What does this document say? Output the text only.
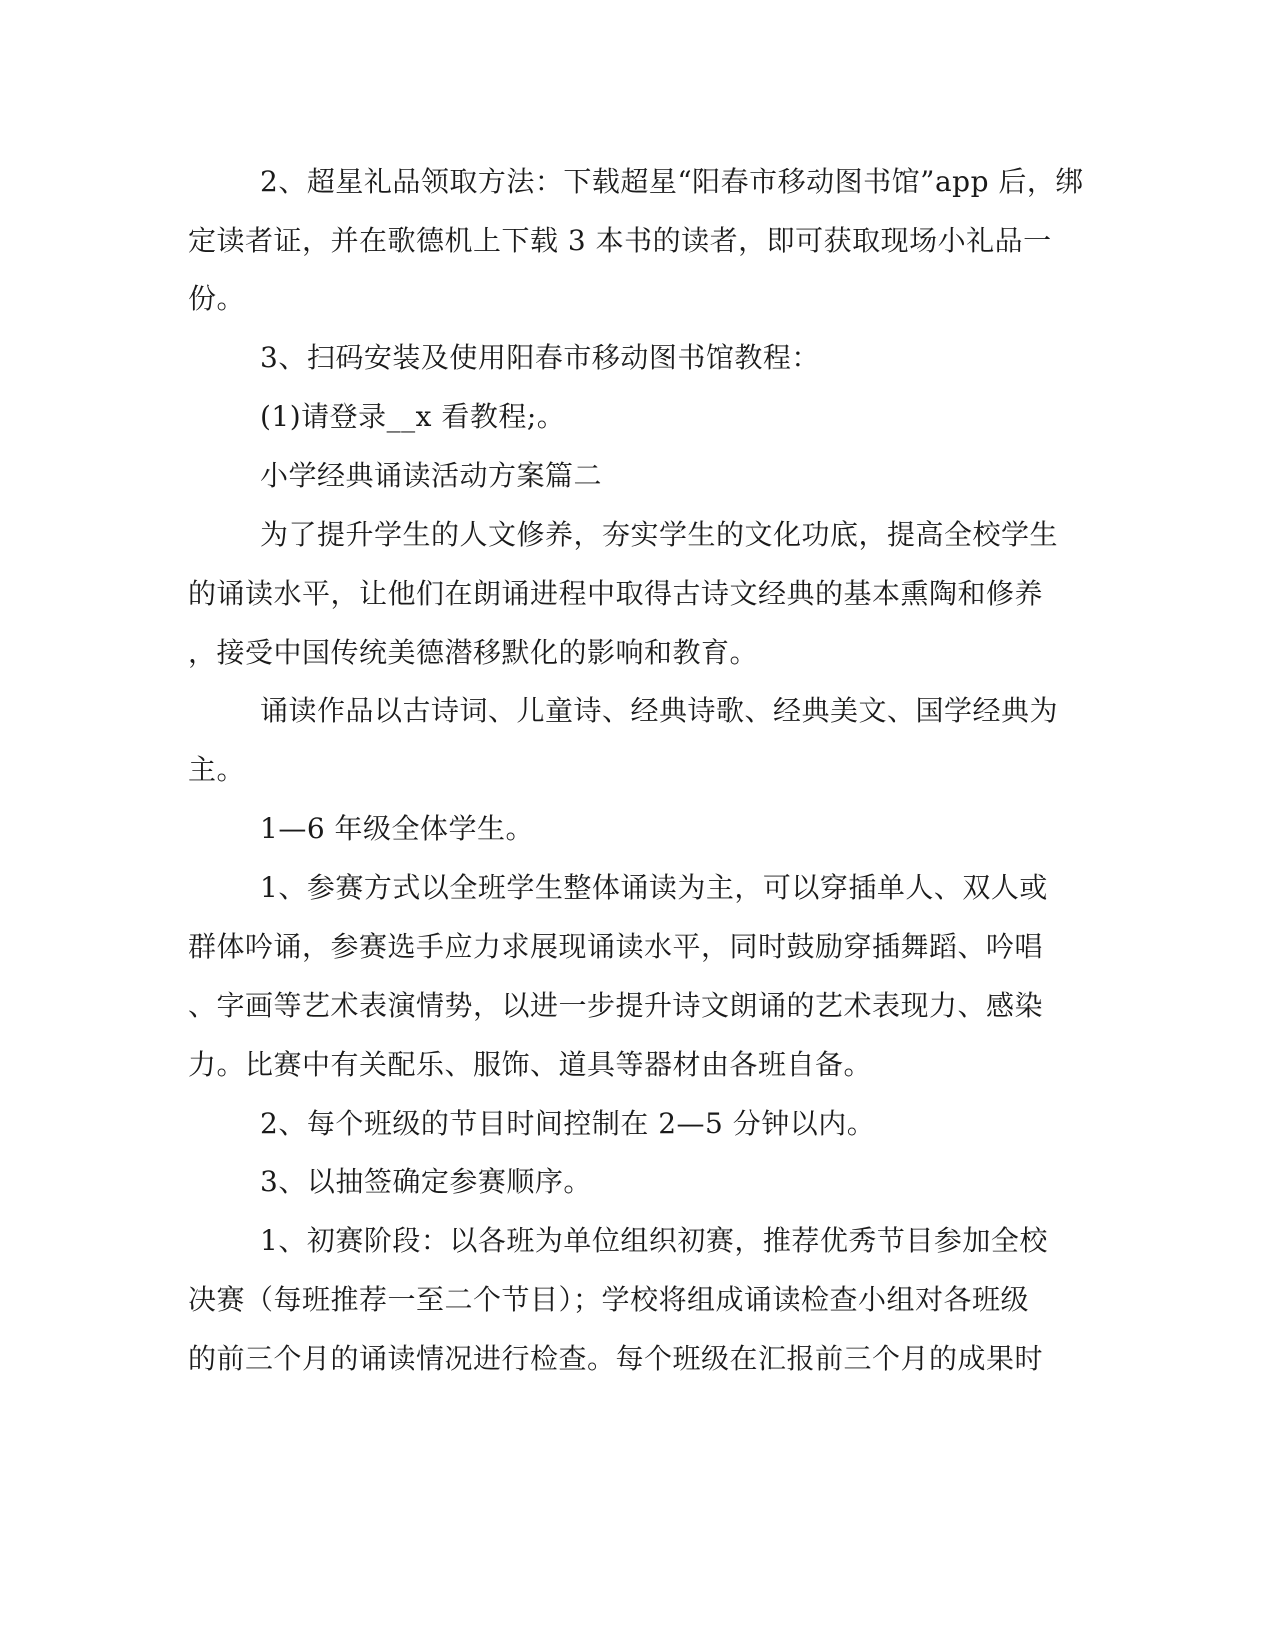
2、超星礼品领取方法：下载超星“阳春市移动图书馆”app 后，绑
定读者证，并在歌德机上下载 3 本书的读者，即可获取现场小礼品一
份。
3、扫码安装及使用阳春市移动图书馆教程：
(1)请登录__x 看教程;。
小学经典诵读活动方案篇二
为了提升学生的人文修养，夯实学生的文化功底，提高全校学生
的诵读水平，让他们在朗诵进程中取得古诗文经典的基本熏陶和修养
，接受中国传统美德潜移默化的影响和教育。
诵读作品以古诗词、儿童诗、经典诗歌、经典美文、国学经典为
主。
1—6 年级全体学生。
1、参赛方式以全班学生整体诵读为主，可以穿插单人、双人或
群体吟诵，参赛选手应力求展现诵读水平，同时鼓励穿插舞蹈、吟唱
、字画等艺术表演情势，以进一步提升诗文朗诵的艺术表现力、感染
力。比赛中有关配乐、服饰、道具等器材由各班自备。
2、每个班级的节目时间控制在 2—5 分钟以内。
3、以抽签确定参赛顺序。
1、初赛阶段：以各班为单位组织初赛，推荐优秀节目参加全校
决赛（每班推荐一至二个节目）；学校将组成诵读检查小组对各班级
的前三个月的诵读情况进行检查。每个班级在汇报前三个月的成果时
